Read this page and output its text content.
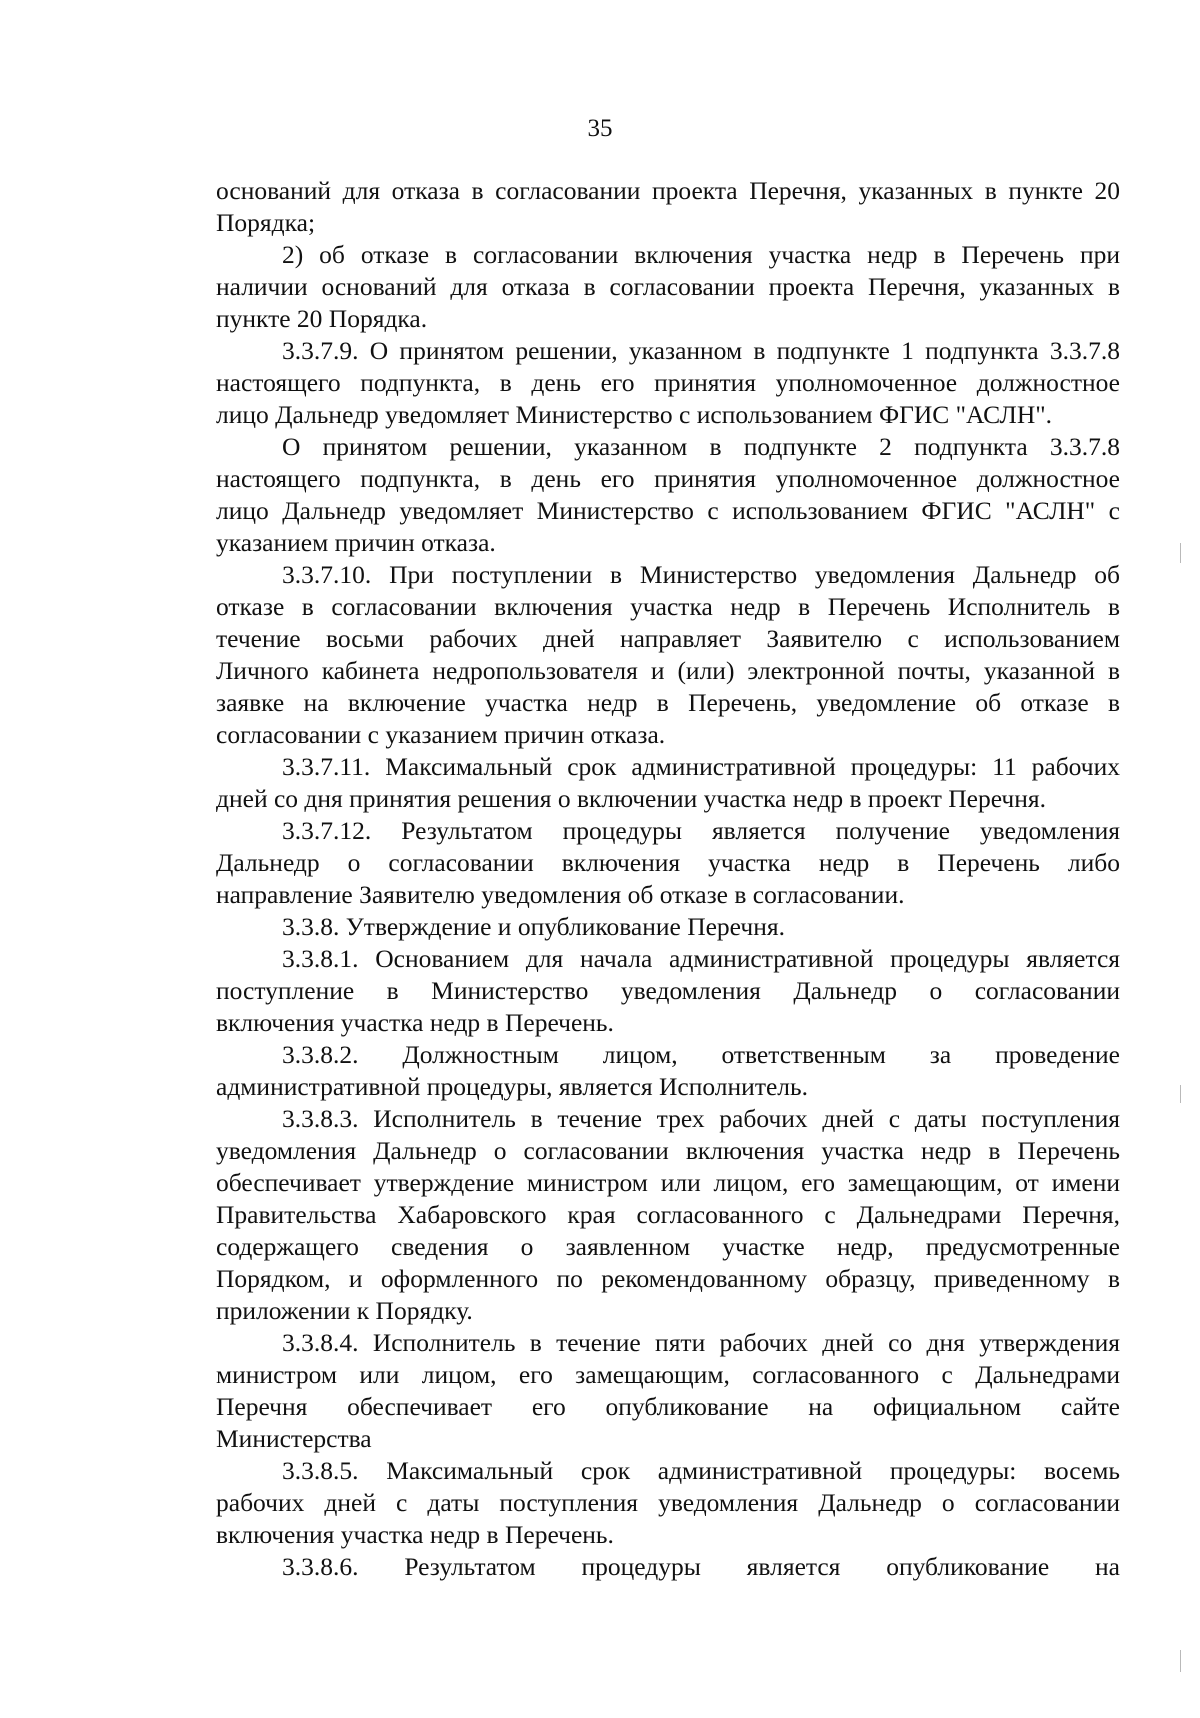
35
оснований для отказа в согласовании проекта Перечня, указанных в пункте 20
Порядка;
2) об отказе в согласовании включения участка недр в Перечень при
наличии оснований для отказа в согласовании проекта Перечня, указанных в
пункте 20 Порядка.
3.3.7.9. О принятом решении, указанном в подпункте 1 подпункта 3.3.7.8
настоящего подпункта, в день его принятия уполномоченное должностное
лицо Дальнедр уведомляет Министерство с использованием ФГИС "АСЛН".
О принятом решении, указанном в подпункте 2 подпункта 3.3.7.8
настоящего подпункта, в день его принятия уполномоченное должностное
лицо Дальнедр уведомляет Министерство с использованием ФГИС "АСЛН" с
указанием причин отказа.
3.3.7.10. При поступлении в Министерство уведомления Дальнедр об
отказе в согласовании включения участка недр в Перечень Исполнитель в
течение восьми рабочих дней направляет Заявителю с использованием
Личного кабинета недропользователя и (или) электронной почты, указанной в
заявке на включение участка недр в Перечень, уведомление об отказе в
согласовании с указанием причин отказа.
3.3.7.11. Максимальный срок административной процедуры: 11 рабочих
дней со дня принятия решения о включении участка недр в проект Перечня.
3.3.7.12. Результатом процедуры является получение уведомления
Дальнедр о согласовании включения участка недр в Перечень либо
направление Заявителю уведомления об отказе в согласовании.
3.3.8. Утверждение и опубликование Перечня.
3.3.8.1. Основанием для начала административной процедуры является
поступление в Министерство уведомления Дальнедр о согласовании
включения участка недр в Перечень.
3.3.8.2. Должностным лицом, ответственным за проведение
административной процедуры, является Исполнитель.
3.3.8.3. Исполнитель в течение трех рабочих дней с даты поступления
уведомления Дальнедр о согласовании включения участка недр в Перечень
обеспечивает утверждение министром или лицом, его замещающим, от имени
Правительства Хабаровского края согласованного с Дальнедрами Перечня,
содержащего сведения о заявленном участке недр, предусмотренные
Порядком, и оформленного по рекомендованному образцу, приведенному в
приложении к Порядку.
3.3.8.4. Исполнитель в течение пяти рабочих дней со дня утверждения
министром или лицом, его замещающим, согласованного с Дальнедрами
Перечня обеспечивает его опубликование на официальном сайте
Министерства
3.3.8.5. Максимальный срок административной процедуры: восемь
рабочих дней с даты поступления уведомления Дальнедр о согласовании
включения участка недр в Перечень.
3.3.8.6. Результатом процедуры является опубликование на
